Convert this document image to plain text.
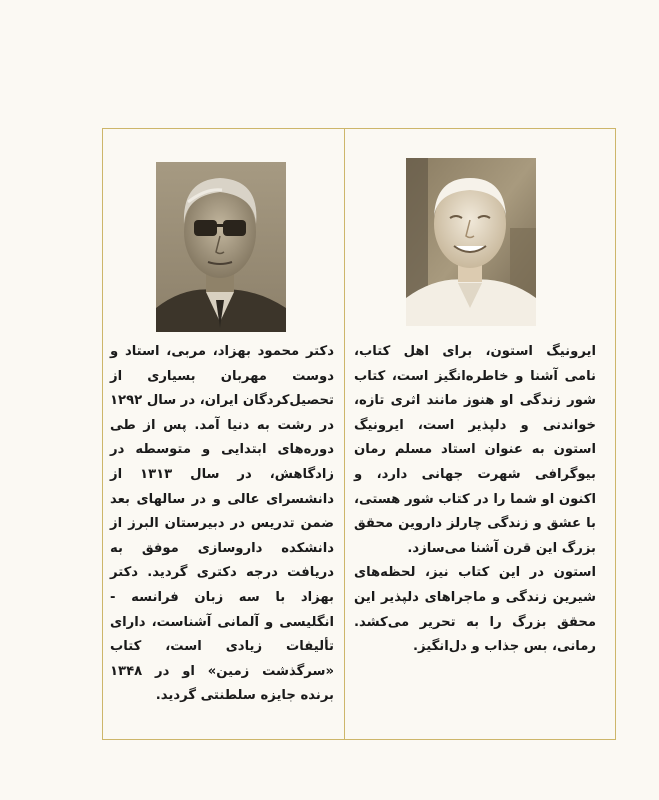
ایرونیگ استون، برای اهل کتاب، نامی آشنا و خاطره‌انگیز است، کتاب شور زندگی او هنوز مانند اثری تازه، خواندنی و دلپذیر است، ایرونیگ استون به عنوان استاد مسلم رمان بیوگرافی شهرت جهانی دارد، و اکنون او شما را در کتاب شور هستی، با عشق و زندگی چارلز داروین محقق بزرگ این قرن آشنا می‌سازد.

استون در این کتاب نیز، لحظه‌های شیرین زندگی و ماجراهای دلپذیر این محقق بزرگ را به تحریر می‌کشد. رمانی، بس جذاب و دل‌انگیز.

دکتر محمود بهزاد، مربی، استاد و دوست مهربان بسیاری از تحصیل‌کردگان ایران، در سال ۱۲۹۲ در رشت به دنیا آمد. پس از طی دوره‌های ابتدایی و متوسطه در زادگاهش، در سال ۱۳۱۳ از دانشسرای عالی و در سالهای بعد ضمن تدریس در دبیرستان البرز از دانشکده داروسازی موفق به دریافت درجه دکتری گردید. دکتر بهزاد با سه زبان فرانسه - انگلیسی و آلمانی آشناست، دارای تألیفات زیادی است، کتاب «سرگذشت زمین» او در ۱۳۴۸ برنده جایزه سلطنتی گردید.
